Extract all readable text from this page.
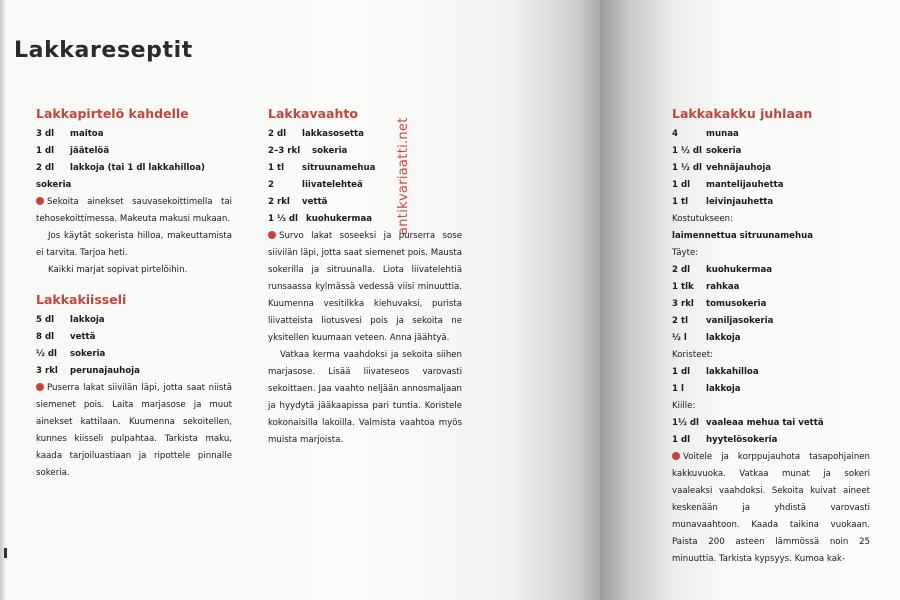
Lakkareseptit
Lakkapirtelö kahdelle
3 dl	maitoa
1 dl	jäätelöä
2 dl	lakkoja (tai 1 dl lakkahilloa)
sokeria

Sekoita ainekset sauvasekoittimella tai tehosekoittimessa. Makeuta makusi mukaan.

Jos käytät sokerista hilloa, makeuttamista ei tarvita. Tarjoa heti.

Kaikki marjat sopivat pirtelöihin.

Lakkakiisseli
5 dl	lakkoja
8 dl	vettä
½ dl	sokeria
3 rkl	perunajauhoja

Puserra lakat siivilän läpi, jotta saat niistä siemenet pois. Laita marjasose ja muut ainekset kattilaan. Kuumenna sekoitellen, kunnes kiisseli pulpahtaa. Tarkista maku, kaada tarjoiluastiaan ja ripottele pinnalle sokeria.

Lakkavaahto
2 dl	lakkasosetta
2–3 rkl	sokeria
1 tl	sitruunamehua
2	liivatelehteä
2 rkl	vettä
1 ⅓ dl kuohukermaa

Survo lakat soseeksi ja purserra sose siivilän läpi, jotta saat siemenet pois. Mausta sokerilla ja sitruunalla. Liota liivatelehtiä runsaassa kylmässä vedessä viisi minuuttia. Kuumenna vesitilkka kiehuvaksi, purista liivatteista liotusvesi pois ja sekoita ne yksitellen kuumaan veteen. Anna jäähtyä.

Vatkaa kerma vaahdoksi ja sekoita siihen marjasose. Lisää liivateseos varovasti sekoittaen. Jaa vaahto neljään annosmaljaan ja hyydytä jääkaapissa pari tuntia. Koristele kokonaisilla lakoilla. Valmista vaahtoa myös muista marjoista.

antikvariaatti.net
Lakkakakku juhlaan
4	munaa
1 ½ dl sokeria
1 ½ dl vehnäjauhoja
1 dl	mantelijauhetta
1 tl	leivinjauhetta
Kostutukseen:
laimennettua sitruunamehua
Täyte:
2 dl	kuohukermaa
1 tlk	rahkaa
3 rkl	tomusokeria
2 tl	vaniljasokeria
½ l	lakkoja
Koristeet:
1 dl	lakkahilloa
1 l	lakkoja
Kiille:
1½ dl vaaleaa mehua tai vettä
1 dl	hyytelösokeria

Voitele ja korppujauhota tasapohjainen kakkuvuoka. Vatkaa munat ja sokeri vaaleaksi vaahdoksi. Sekoita kuivat aineet keskenään ja yhdistä varovasti munavaahtoon. Kaada taikina vuokaan. Paista 200 asteen lämmössä noin 25 minuuttia. Tarkista kypsyys. Kumoa kak-
